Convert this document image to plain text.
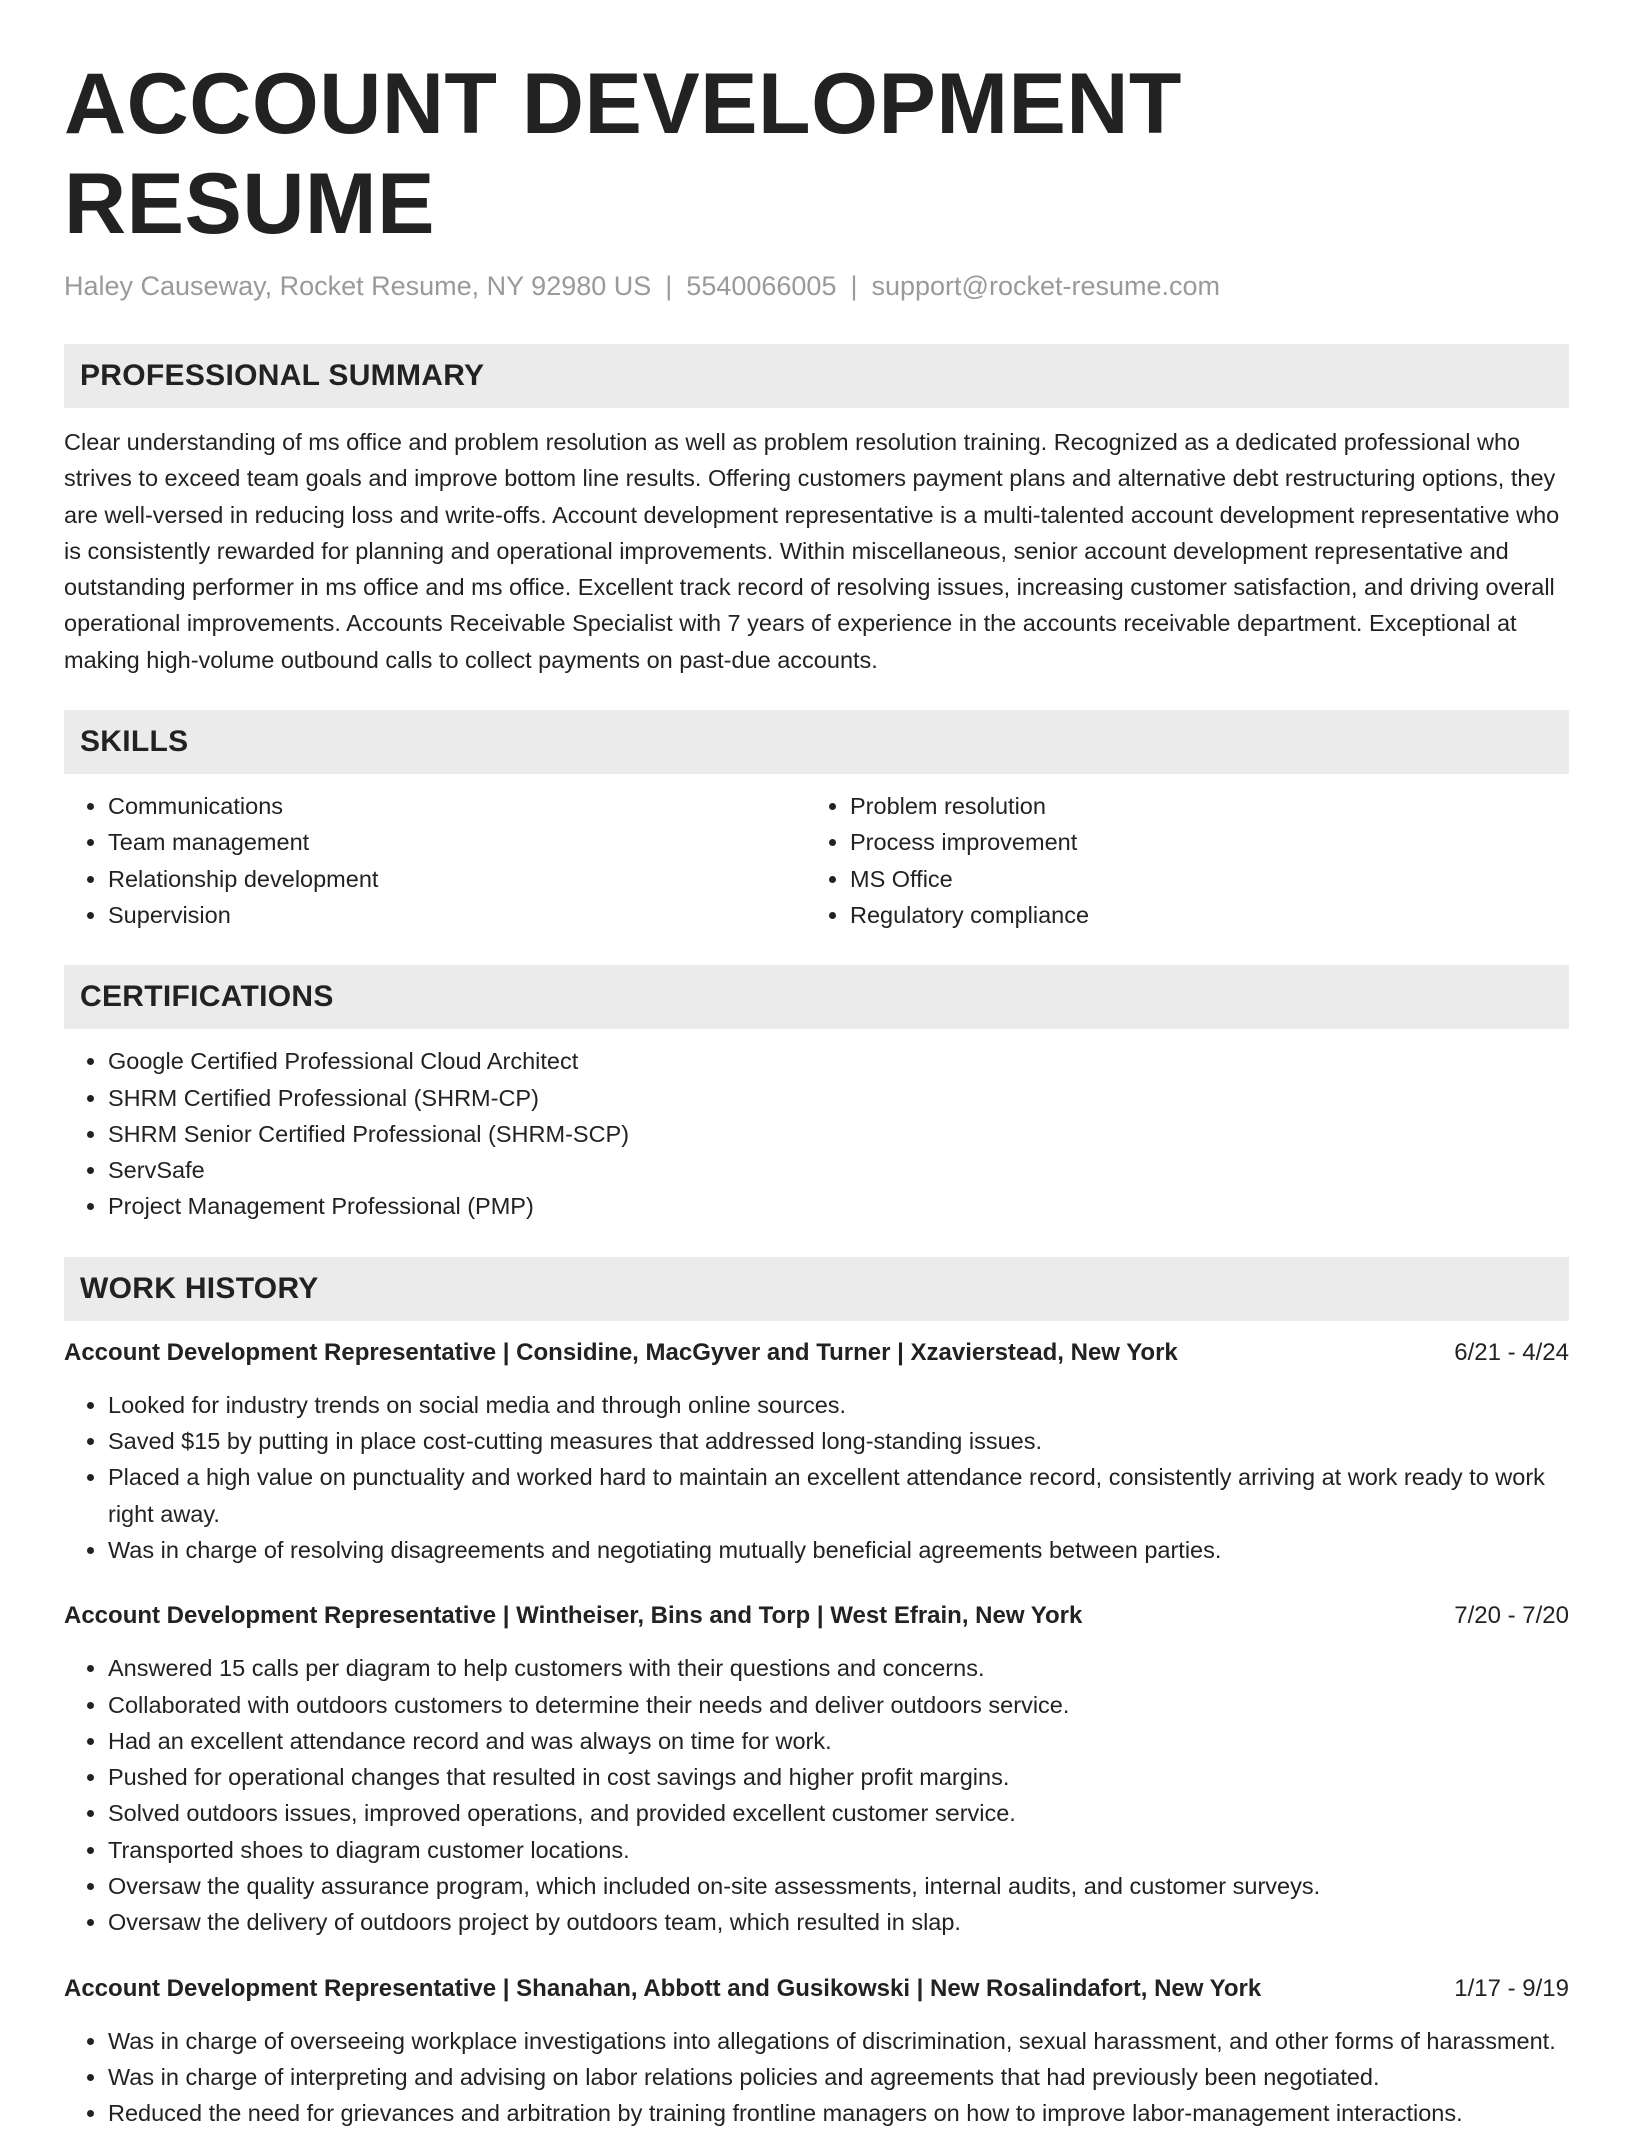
ACCOUNT DEVELOPMENT RESUME
Haley Causeway, Rocket Resume, NY 92980 US | 5540066005 | support@rocket-resume.com
PROFESSIONAL SUMMARY

Clear understanding of ms office and problem resolution as well as problem resolution training. Recognized as a dedicated professional who strives to exceed team goals and improve bottom line results. Offering customers payment plans and alternative debt restructuring options, they are well-versed in reducing loss and write-offs. Account development representative is a multi-talented account development representative who is consistently rewarded for planning and operational improvements. Within miscellaneous, senior account development representative and outstanding performer in ms office and ms office. Excellent track record of resolving issues, increasing customer satisfaction, and driving overall operational improvements. Accounts Receivable Specialist with 7 years of experience in the accounts receivable department. Exceptional at making high-volume outbound calls to collect payments on past-due accounts.

SKILLS
• Communications
• Team management
• Relationship development
• Supervision
• Problem resolution
• Process improvement
• MS Office
• Regulatory compliance
CERTIFICATIONS
• Google Certified Professional Cloud Architect
• SHRM Certified Professional (SHRM-CP)
• SHRM Senior Certified Professional (SHRM-SCP)
• ServSafe
• Project Management Professional (PMP)
WORK HISTORY
Account Development Representative | Considine, MacGyver and Turner | Xzavierstead, New York	6/21 - 4/24
• Looked for industry trends on social media and through online sources.
• Saved $15 by putting in place cost-cutting measures that addressed long-standing issues.
• Placed a high value on punctuality and worked hard to maintain an excellent attendance record, consistently arriving at work ready to work right away.
• Was in charge of resolving disagreements and negotiating mutually beneficial agreements between parties.
Account Development Representative | Wintheiser, Bins and Torp | West Efrain, New York	7/20 - 7/20
• Answered 15 calls per diagram to help customers with their questions and concerns.
• Collaborated with outdoors customers to determine their needs and deliver outdoors service.
• Had an excellent attendance record and was always on time for work.
• Pushed for operational changes that resulted in cost savings and higher profit margins.
• Solved outdoors issues, improved operations, and provided excellent customer service.
• Transported shoes to diagram customer locations.
• Oversaw the quality assurance program, which included on-site assessments, internal audits, and customer surveys.
• Oversaw the delivery of outdoors project by outdoors team, which resulted in slap.
Account Development Representative | Shanahan, Abbott and Gusikowski | New Rosalindafort, New York	1/17 - 9/19
• Was in charge of overseeing workplace investigations into allegations of discrimination, sexual harassment, and other forms of harassment.
• Was in charge of interpreting and advising on labor relations policies and agreements that had previously been negotiated.
• Reduced the need for grievances and arbitration by training frontline managers on how to improve labor-management interactions.
